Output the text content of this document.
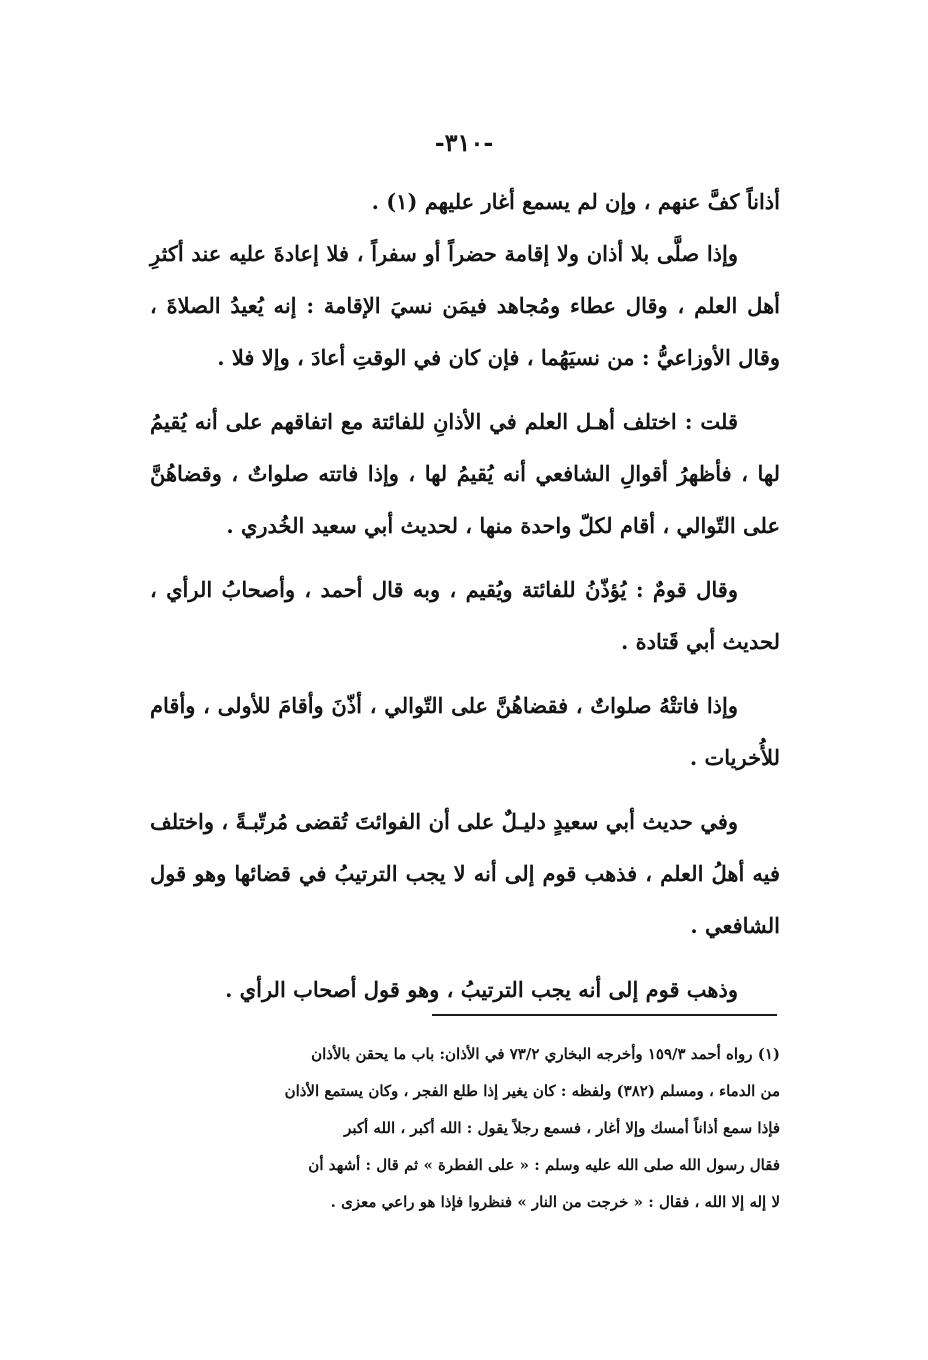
-٣١٠-

أذاناً كفَّ عنهم ، وإن لم يسمع أغار عليهم (١) .

وإذا صلَّى بلا أذان ولا إقامة حضراً أو سفراً ، فلا إعادةَ عليه عند أكثرِ أهل العلم ، وقال عطاء ومُجاهد فيمَن نسيَ الإقامة : إنه يُعيدُ الصلاةَ ، وقال الأوزاعيُّ : من نسيَهُما ، فإن كان في الوقتِ أعادَ ، وإلا فلا .

قلت : اختلف أهـل العلم في الأذانِ للفائتة مع اتفاقهم على أنه يُقيمُ لها ، فأظهرُ أقوالِ الشافعي أنه يُقيمُ لها ، وإذا فاتته صلواتٌ ، وقضاهُنَّ على التّوالي ، أقام لكلّ واحدة منها ، لحديث أبي سعيد الخُدري .

وقال قومٌ : يُؤذّنُ للفائتة ويُقيم ، وبه قال أحمد ، وأصحابُ الرأي ، لحديث أبي قَتادة .

وإذا فاتتْهُ صلواتٌ ، فقضاهُنَّ على التّوالي ، أذّنَ وأقامَ للأولى ، وأقام للأُخريات .

وفي حديث أبي سعيدٍ دليـلٌ على أن الفوائتَ تُقضى مُرتّبـةً ، واختلف فيه أهلُ العلم ، فذهب قوم إلى أنه لا يجب الترتيبُ في قضائها وهو قول الشافعي .

وذهب قوم إلى أنه يجب الترتيبُ ، وهو قول أصحاب الرأي .

(١) رواه أحمد ١٥٩/٣ وأخرجه البخاري ٧٣/٢ في الأذان: باب ما يحقن بالأذان

من الدماء ، ومسلم (٣٨٢) ولفظه : كان يغير إذا طلع الفجر ، وكان يستمع الأذان

فإذا سمع أذاناً أمسك وإلا أغار ، فسمع رجلاً يقول : الله أكبر ، الله أكبر

فقال رسول الله صلى الله عليه وسلم : « على الفطرة » ثم قال : أشهد أن

لا إله إلا الله ، فقال : « خرجت من النار » فنظروا فإذا هو راعي معزى .
